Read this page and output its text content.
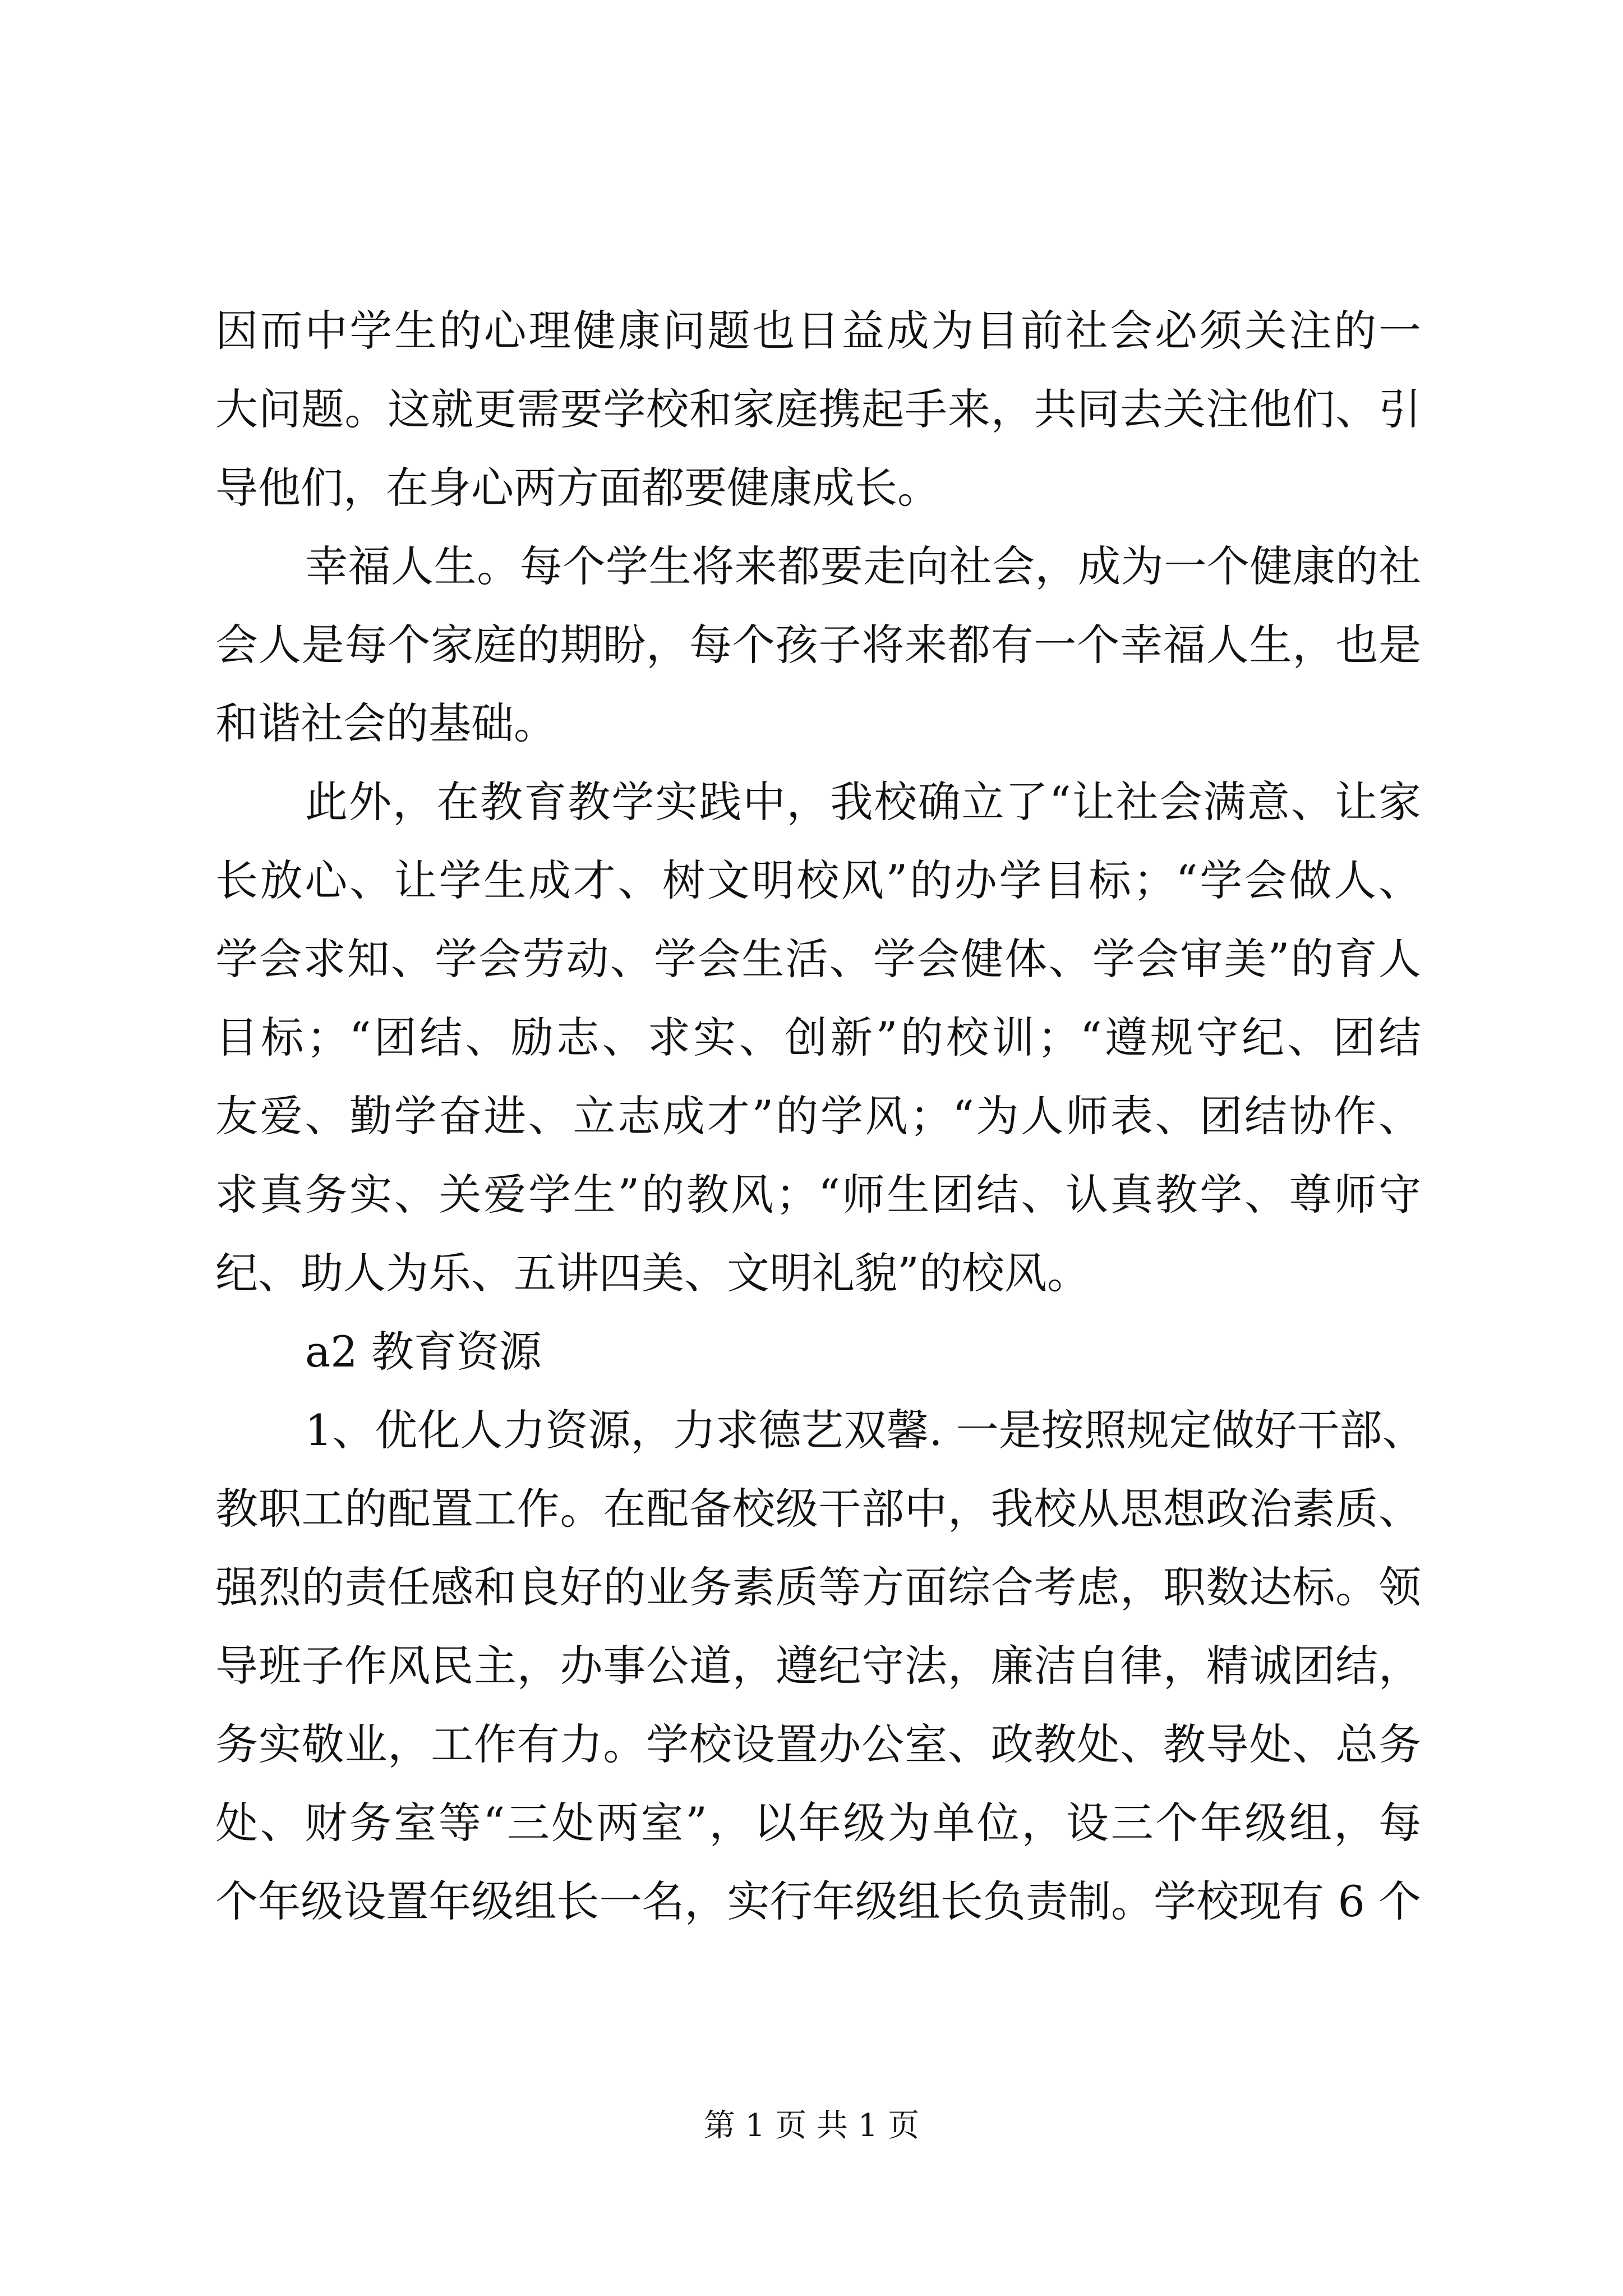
因而中学生的心理健康问题也日益成为目前社会必须关注的一
大问题。这就更需要学校和家庭携起手来，共同去关注他们、引
导他们，在身心两方面都要健康成长。
幸福人生。每个学生将来都要走向社会，成为一个健康的社
会人是每个家庭的期盼，每个孩子将来都有一个幸福人生，也是
和谐社会的基础。
此外，在教育教学实践中，我校确立了“让社会满意、让家
长放心、让学生成才、树文明校风”的办学目标；“学会做人、
学会求知、学会劳动、学会生活、学会健体、学会审美”的育人
目标；“团结、励志、求实、创新”的校训；“遵规守纪、团结
友爱、勤学奋进、立志成才”的学风；“为人师表、团结协作、
求真务实、关爱学生”的教风；“师生团结、认真教学、尊师守
纪、助人为乐、五讲四美、文明礼貌”的校风。
a2 教育资源
1、优化人力资源，力求德艺双馨. 一是按照规定做好干部、
教职工的配置工作。在配备校级干部中，我校从思想政治素质、
强烈的责任感和良好的业务素质等方面综合考虑，职数达标。领
导班子作风民主，办事公道，遵纪守法，廉洁自律，精诚团结，
务实敬业，工作有力。学校设置办公室、政教处、教导处、总务
处、财务室等“三处两室”，以年级为单位，设三个年级组，每
个年级设置年级组长一名，实行年级组长负责制。学校现有 6 个
第 1 页 共 1 页
